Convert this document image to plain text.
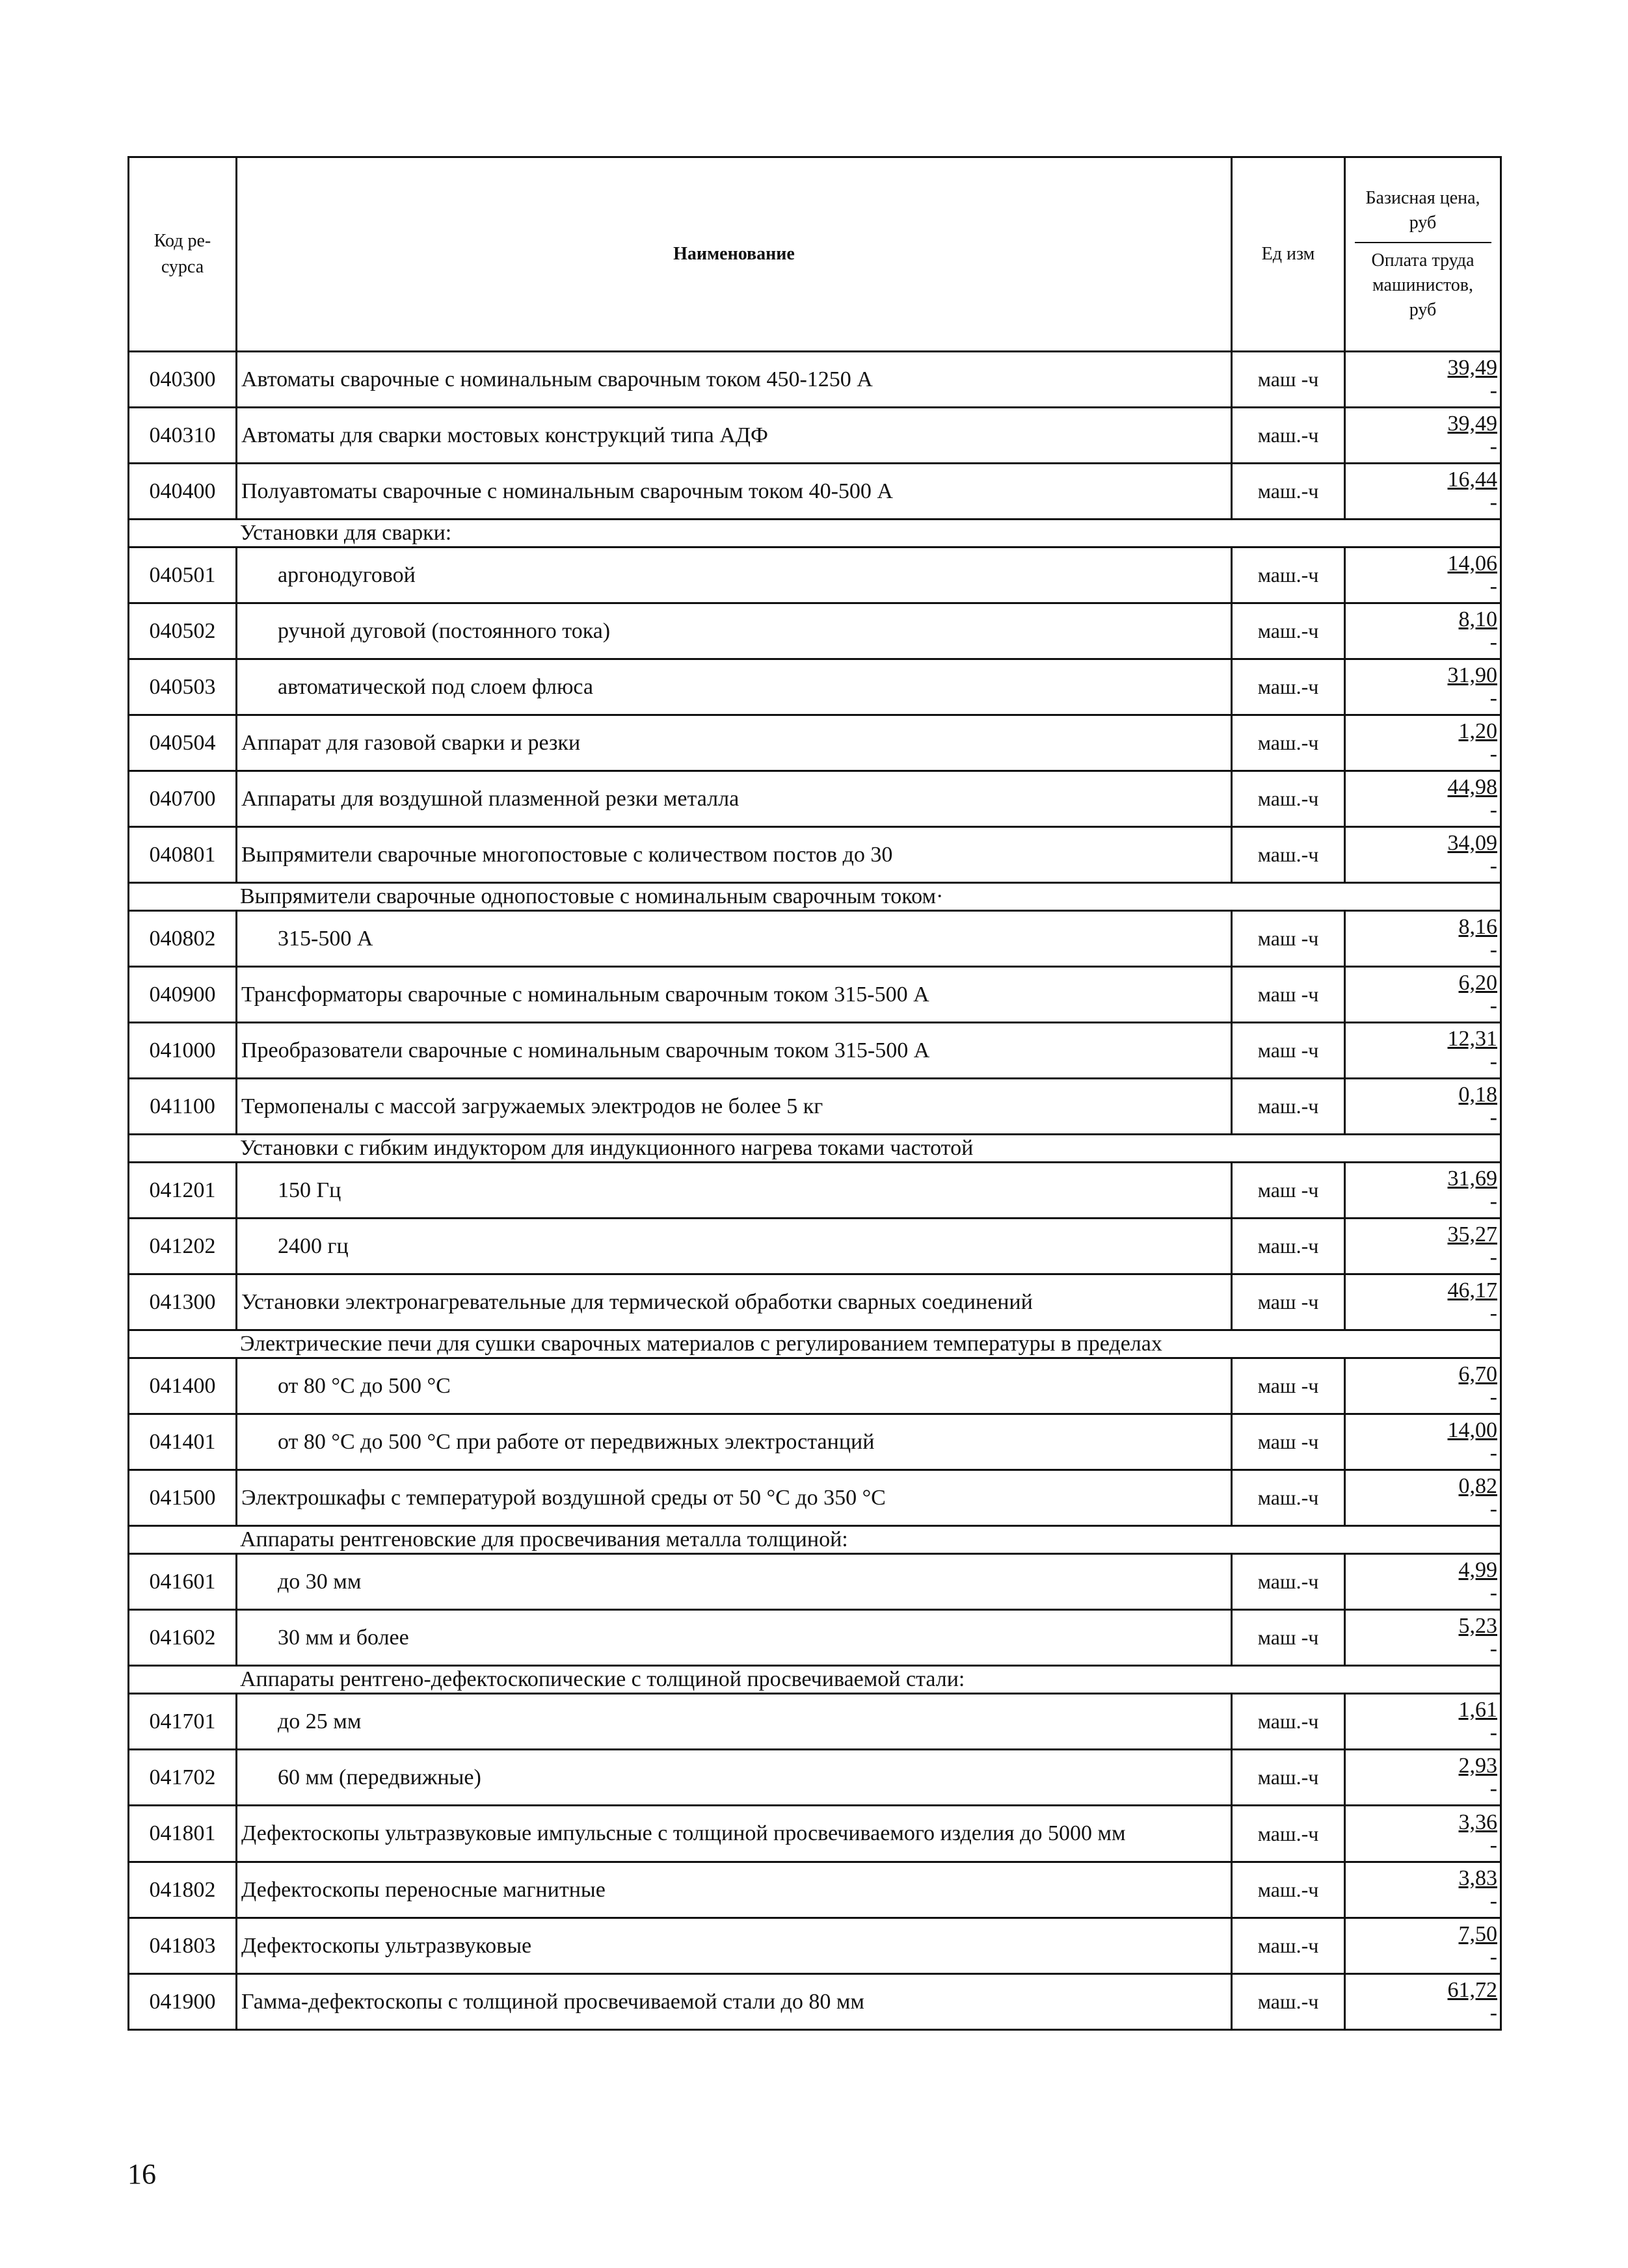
Код ре-
сурса	Наименование	Ед изм	Базисная цена,
руб
Оплата труда
машинистов,
руб

040300	Автоматы сварочные с номинальным сварочным током 450-1250 А	маш -ч	39,49
-

040310	Автоматы для сварки мостовых конструкций типа АДФ	маш.-ч	39,49
-

040400	Полуавтоматы сварочные с номинальным сварочным током 40-500 А	маш.-ч	16,44
-

Установки для сварки:			

040501	аргонодуговой	маш.-ч	14,06
-

040502	ручной дуговой (постоянного тока)	маш.-ч	8,10
-

040503	автоматической под слоем флюса	маш.-ч	31,90
-

040504	Аппарат для газовой сварки и резки	маш.-ч	1,20
-

040700	Аппараты для воздушной плазменной резки металла	маш.-ч	44,98
-

040801	Выпрямители сварочные многопостовые с количеством постов до 30	маш.-ч	34,09
-

Выпрямители сварочные однопостовые с номинальным сварочным током·			

040802	315-500 А	маш -ч	8,16
-

040900	Трансформаторы сварочные с номинальным сварочным током 315-500 А	маш -ч	6,20
-

041000	Преобразователи сварочные с номинальным сварочным током 315-500 А	маш -ч	12,31
-

041100	Термопеналы с массой загружаемых электродов не более 5 кг	маш.-ч	0,18
-

Установки с гибким индуктором для индукционного нагрева токами частотой			

041201	150 Гц	маш -ч	31,69
-

041202	2400 гц	маш.-ч	35,27
-

041300	Установки электронагревательные для термической обработки сварных соединений	маш -ч	46,17
-

Электрические печи для сушки сварочных материалов с регулированием температуры в пределах			

041400	от 80 °С до 500 °С	маш -ч	6,70
-

041401	от 80 °С до 500 °С при работе от передвижных электростанций	маш -ч	14,00
-

041500	Электрошкафы с температурой воздушной среды от 50 °С до 350 °С	маш.-ч	0,82
-

Аппараты рентгеновские для просвечивания металла толщиной:			

041601	до 30 мм	маш.-ч	4,99
-

041602	30 мм и более	маш -ч	5,23
-

Аппараты рентгено-дефектоскопические с толщиной просвечиваемой стали:			

041701	до 25 мм	маш.-ч	1,61
-

041702	60 мм (передвижные)	маш.-ч	2,93
-

041801	Дефектоскопы ультразвуковые импульсные с толщиной просвечиваемого изделия до 5000 мм	маш.-ч	3,36
-

041802	Дефектоскопы переносные магнитные	маш.-ч	3,83
-

041803	Дефектоскопы ультразвуковые	маш.-ч	7,50
-

041900	Гамма-дефектоскопы с толщиной просвечиваемой стали до 80 мм	маш.-ч	61,72
-
16
